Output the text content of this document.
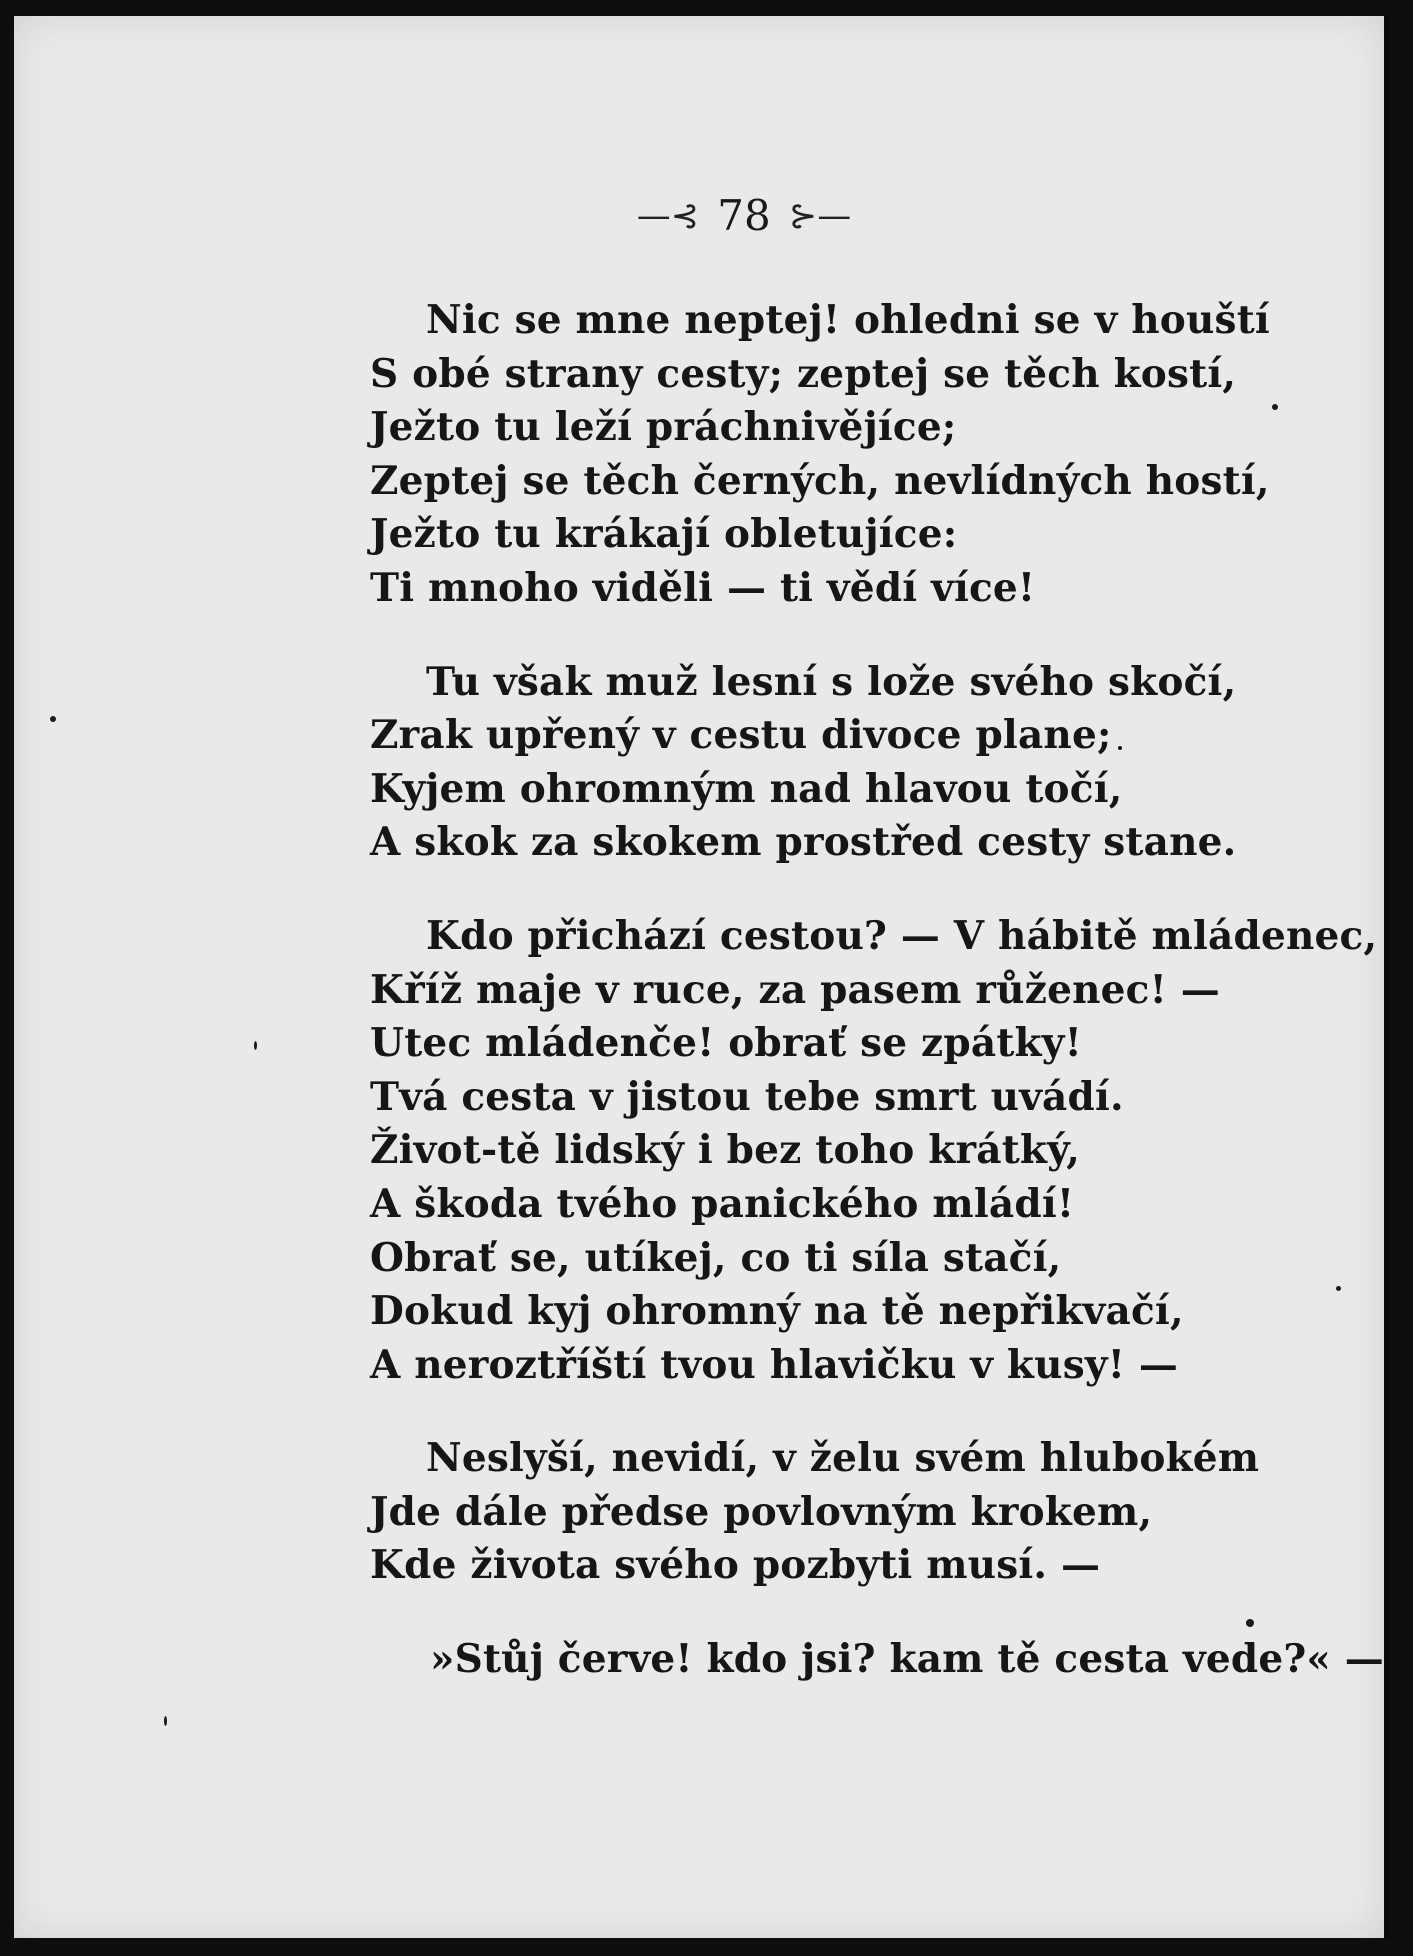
—⊰ 78 ⊱—
Nic se mne neptej! ohledni se v houští
S obé strany cesty; zeptej se těch kostí,
Ježto tu leží práchnivějíce;
Zeptej se těch černých, nevlídných hostí,
Ježto tu krákají obletujíce:
Ti mnoho viděli — ti vědí více!
Tu však muž lesní s lože svého skočí,
Zrak upřený v cestu divoce plane;
Kyjem ohromným nad hlavou točí,
A skok za skokem prostřed cesty stane.
Kdo přichází cestou? — V hábitě mládenec,
Kříž maje v ruce, za pasem růženec! —
Utec mládenče! obrať se zpátky!
Tvá cesta v jistou tebe smrt uvádí.
Život-tě lidský i bez toho krátký,
A škoda tvého panického mládí!
Obrať se, utíkej, co ti síla stačí,
Dokud kyj ohromný na tě nepřikvačí,
A neroztříští tvou hlavičku v kusy! —
Neslyší, nevidí, v želu svém hlubokém
Jde dále předse povlovným krokem,
Kde života svého pozbyti musí. —
»Stůj červe! kdo jsi? kam tě cesta vede?« —
